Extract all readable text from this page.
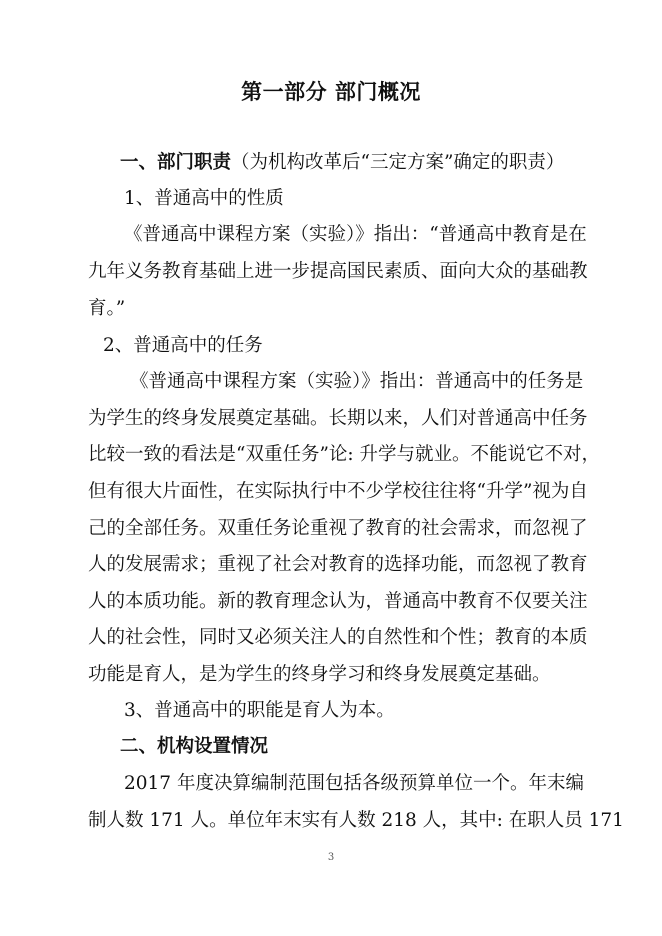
第一部分 部门概况
一、部门职责（为机构改革后“三定方案”确定的职责）
1、普通高中的性质
《普通高中课程方案（实验）》指出：“普通高中教育是在
九年义务教育基础上进一步提高国民素质、面向大众的基础教
育。”
2、普通高中的任务
《普通高中课程方案（实验）》指出：普通高中的任务是
为学生的终身发展奠定基础。长期以来，人们对普通高中任务
比较一致的看法是“双重任务”论: 升学与就业。不能说它不对，
但有很大片面性，在实际执行中不少学校往往将“升学”视为自
己的全部任务。双重任务论重视了教育的社会需求，而忽视了
人的发展需求；重视了社会对教育的选择功能，而忽视了教育
人的本质功能。新的教育理念认为，普通高中教育不仅要关注
人的社会性，同时又必须关注人的自然性和个性；教育的本质
功能是育人，是为学生的终身学习和终身发展奠定基础。
3、普通高中的职能是育人为本。
二、机构设置情况
2017 年度决算编制范围包括各级预算单位一个。年末编
制人数 171 人。单位年末实有人数 218 人，其中: 在职人员 171
3
